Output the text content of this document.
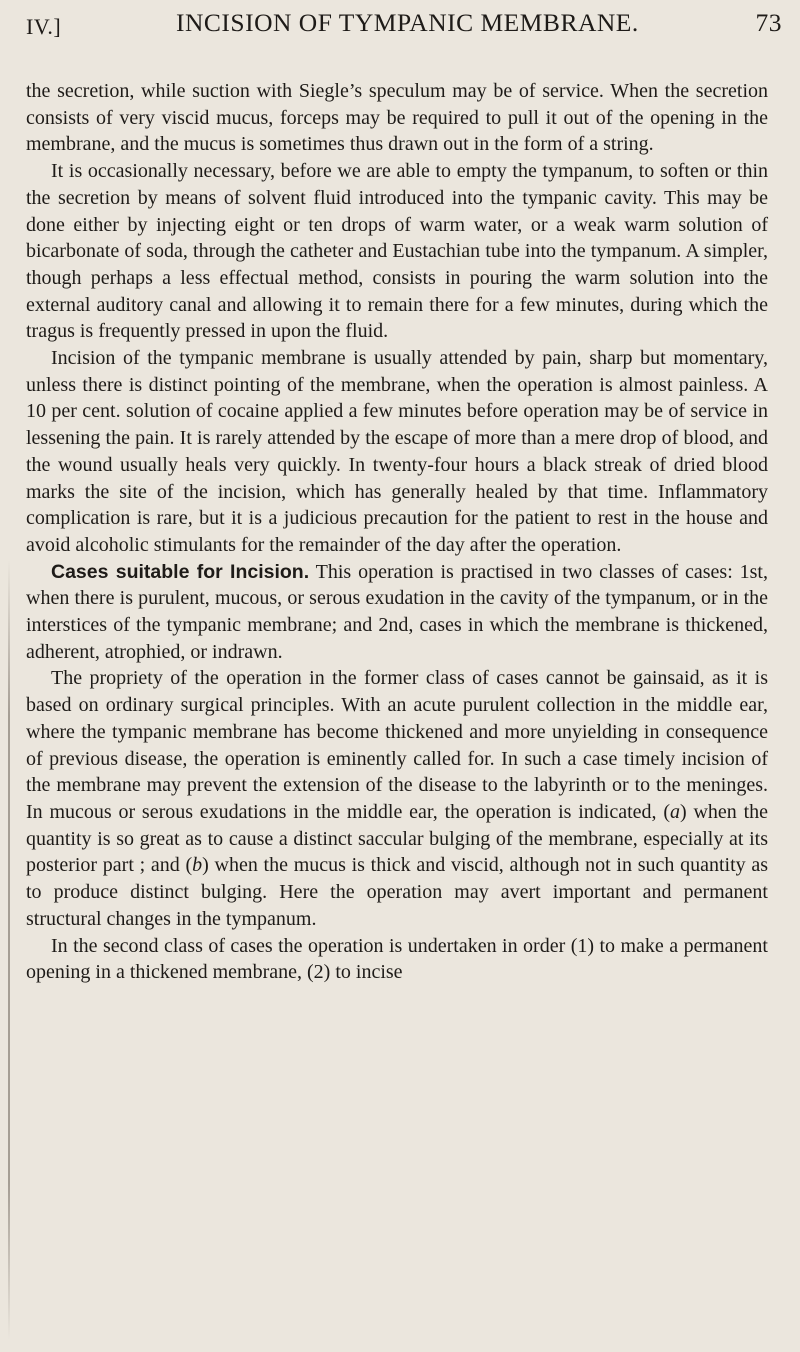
IV.]	INCISION OF TYMPANIC MEMBRANE.	73

the secretion, while suction with Siegle’s speculum may be of service. When the secretion consists of very viscid mucus, forceps may be required to pull it out of the opening in the membrane, and the mucus is sometimes thus drawn out in the form of a string.

It is occasionally necessary, before we are able to empty the tympanum, to soften or thin the secretion by means of solvent fluid introduced into the tympanic cavity. This may be done either by injecting eight or ten drops of warm water, or a weak warm solution of bicarbonate of soda, through the catheter and Eustachian tube into the tympanum. A simpler, though perhaps a less effectual method, consists in pouring the warm solution into the external auditory canal and allowing it to remain there for a few minutes, during which the tragus is frequently pressed in upon the fluid.

Incision of the tympanic membrane is usually attended by pain, sharp but momentary, unless there is distinct pointing of the membrane, when the operation is almost painless. A 10 per cent. solution of cocaine applied a few minutes before operation may be of service in lessening the pain. It is rarely attended by the escape of more than a mere drop of blood, and the wound usually heals very quickly. In twenty-four hours a black streak of dried blood marks the site of the incision, which has generally healed by that time. Inflammatory complication is rare, but it is a judicious precaution for the patient to rest in the house and avoid alcoholic stimulants for the remainder of the day after the operation.

Cases suitable for Incision. This operation is practised in two classes of cases: 1st, when there is purulent, mucous, or serous exudation in the cavity of the tympanum, or in the interstices of the tympanic membrane; and 2nd, cases in which the membrane is thickened, adherent, atrophied, or indrawn.

The propriety of the operation in the former class of cases cannot be gainsaid, as it is based on ordinary surgical principles. With an acute purulent collection in the middle ear, where the tympanic membrane has become thickened and more unyielding in consequence of previous disease, the operation is eminently called for. In such a case timely incision of the membrane may prevent the extension of the disease to the labyrinth or to the meninges. In mucous or serous exudations in the middle ear, the operation is indicated, (a) when the quantity is so great as to cause a distinct saccular bulging of the membrane, especially at its posterior part ; and (b) when the mucus is thick and viscid, although not in such quantity as to produce distinct bulging. Here the operation may avert important and permanent structural changes in the tympanum.

In the second class of cases the operation is undertaken in order (1) to make a permanent opening in a thickened membrane, (2) to incise
